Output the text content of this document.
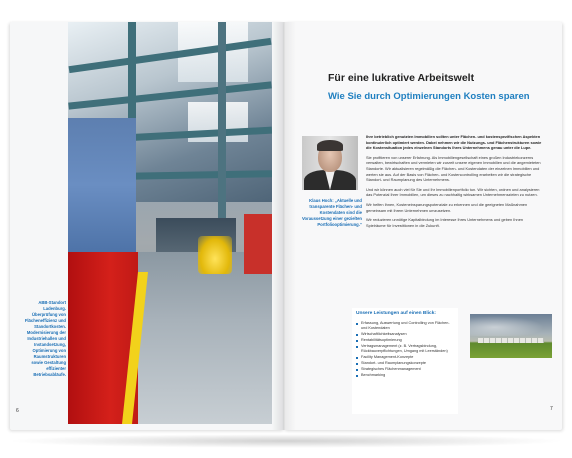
ABB-Standort Ladenburg. Überprüfung von Flächeneffizienz und Standortkosten. Modernisierung der Industriehallen und Instandsetzung, Optimierung von Raumstrukturen sowie Gestaltung effizienter Betriebsabläufe.
6
Für eine lukrative Arbeitswelt
Wie Sie durch Optimierungen Kosten sparen
Klaus Hoch: „Aktuelle und transparente Flächen- und Kostendaten sind die Voraussetzung einer gezielten Portfoliooptimierung.“

Ihre betrieblich genutzten Immobilien sollten unter Flächen- und kostenspezifischen Aspekten kontinuierlich optimiert werden. Dabei nehmen wir die Nutzungs- und Flächenstrukturen sowie die Kostensituation jedes einzelnen Standorts Ihres Unternehmens genau unter die Lupe.

Sie profitieren von unserer Erfahrung. Als Immobiliengesellschaft eines großen Industriekonzerns verwalten, bewirtschaften und vermieten wir zurzeit unsere eigenen Immobilien und die angemieteten Standorte. Wir aktualisieren regelmäßig die Flächen- und Kostendaten der einzelnen Immobilien und werten sie aus. Auf der Basis von Flächen- und Kostencontrolling erarbeiten wir die strategische Standort- und Raumplanung des Unternehmens.

Und wir können auch viel für Sie und Ihr Immobilienportfolio tun. Wir sichten, ordnen und analysieren das Potenzial Ihrer Immobilien, um dieses zu nachhaltig wirksamen Unternehmenszielen zu nutzen.

Wir helfen Ihnen, Kosteneinsparungspotenziale zu erkennen und die geeigneten Maßnahmen gemeinsam mit Ihrem Unternehmen umzusetzen.

Wir reduzieren unnötige Kapitalbindung im Interesse Ihres Unternehmens und geben Ihnen Spielräume für Investitionen in die Zukunft.

Unsere Leistungen auf einen Blick:
Erfassung, Auswertung und Controlling von Flächen- und Kostendaten
Wirtschaftlichkeitsanalysen
Rentabilitätsoptimierung
Vertragsmanagement (z. B. Vertragsbindung, Rückbauverpflichtungen, Umgang mit Leerständen)
Facility Management-Konzepte
Standort- und Raumplanungskonzepte
Strategisches Flächenmanagement
Benchmarking
7
